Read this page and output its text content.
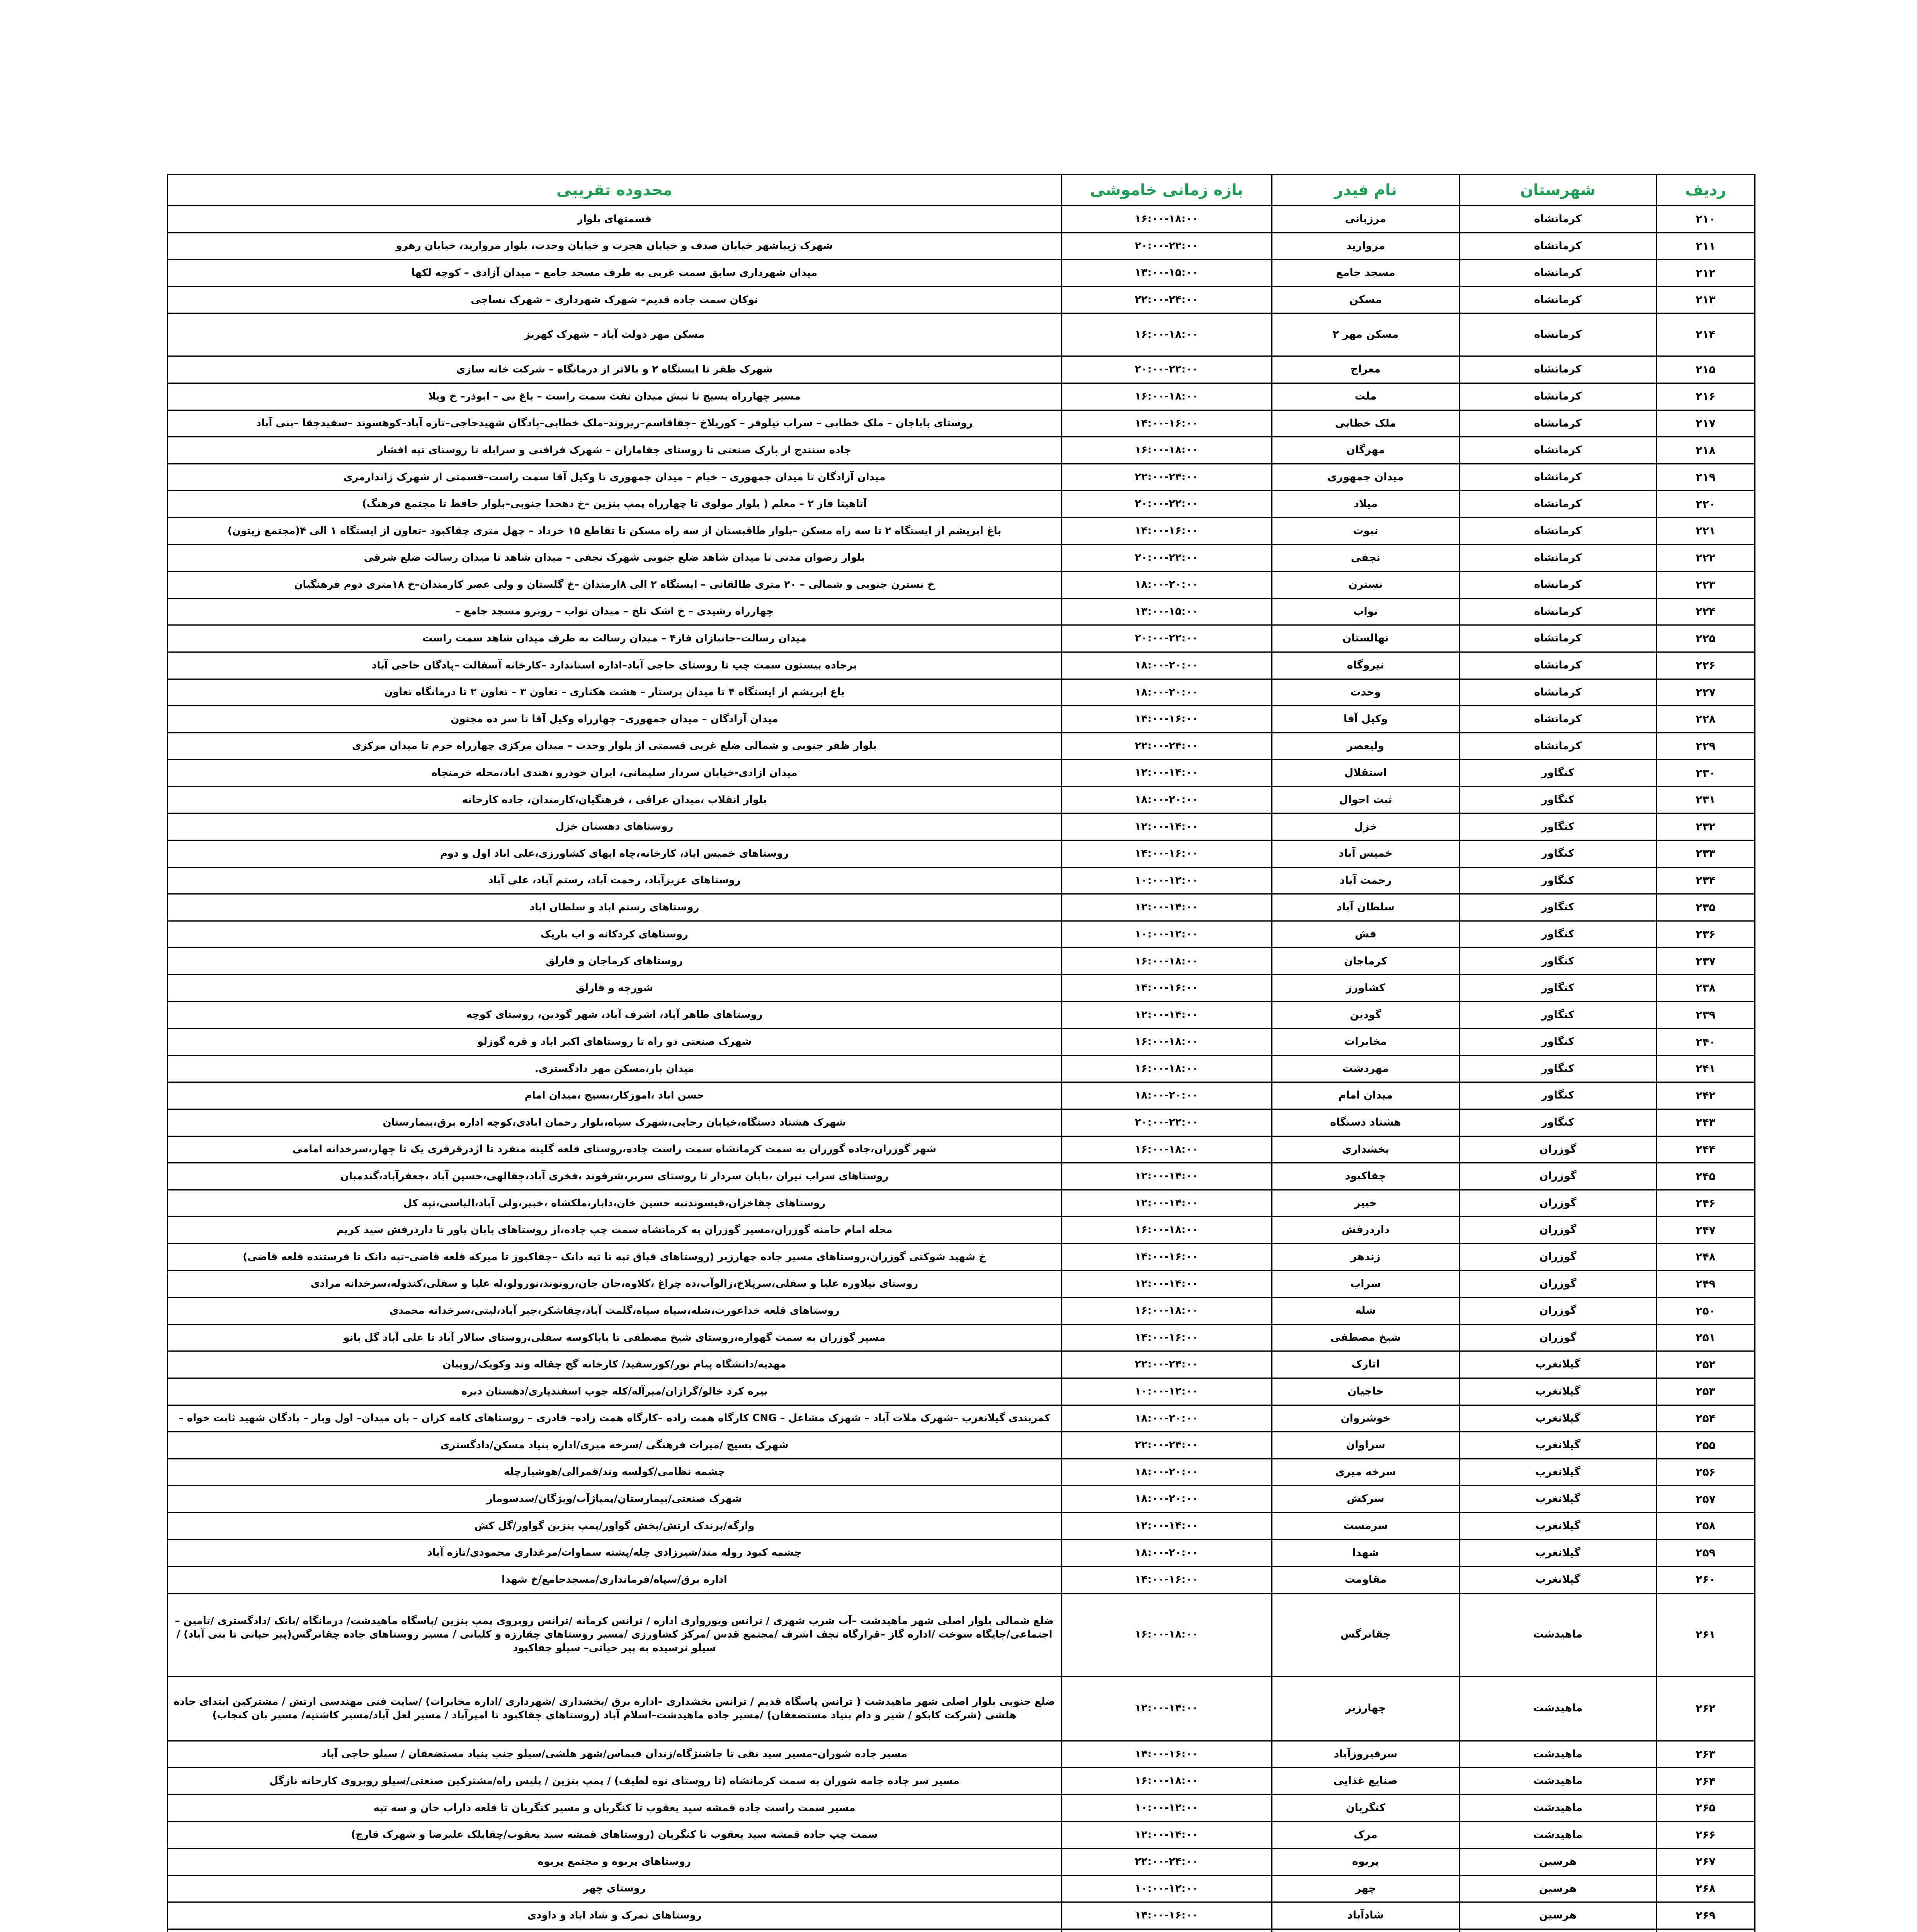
ردیف	شهرستان	نام فیدر	بازه زمانی خاموشی	محدوده تقریبی
۲۱۰	کرمانشاه	مرزبانی	۱۶:۰۰-۱۸:۰۰	قسمتهای بلوار
۲۱۱	کرمانشاه	مروارید	۲۰:۰۰-۲۲:۰۰	شهرک زیباشهر خیابان صدف و خیابان هجرت و خیابان وحدت، بلوار مروارید، خیابان رهرو
۲۱۲	کرمانشاه	مسجد جامع	۱۳:۰۰-۱۵:۰۰	میدان شهرداری سابق سمت غربی به طرف مسجد جامع – میدان آزادی – کوچه لکها
۲۱۳	کرمانشاه	مسکن	۲۲:۰۰-۲۴:۰۰	نوکان سمت جاده قدیم– شهرک شهرداری – شهرک نساجی
۲۱۴	کرمانشاه	مسکن مهر ۲	۱۶:۰۰-۱۸:۰۰	مسکن مهر دولت آباد – شهرک کهریز
۲۱۵	کرمانشاه	معراج	۲۰:۰۰-۲۲:۰۰	شهرک ظفر تا ایستگاه ۲ و بالاتر از درمانگاه – شرکت خانه سازی
۲۱۶	کرمانشاه	ملت	۱۶:۰۰-۱۸:۰۰	مسیر چهارراه بسیج تا نبش میدان نفت سمت راست – باغ نی – ابوذر– خ ویلا
۲۱۷	کرمانشاه	ملک خطابی	۱۴:۰۰-۱۶:۰۰	روستای باباجان – ملک خطابی – سراب نیلوفر – کوریلاخ –چقاقاسم–ریزوند–ملک خطابی–پادگان شهیدحاجی–تازه آباد–کوهسوند –سفیدچقا –بنی آباد
۲۱۸	کرمانشاه	مهرگان	۱۶:۰۰-۱۸:۰۰	جاده سنندج از پارک صنعتی تا روستای چقاماران – شهرک فرافنی و سرابله تا روستای تپه افشار
۲۱۹	کرمانشاه	میدان جمهوری	۲۲:۰۰-۲۴:۰۰	میدان آزادگان تا میدان جمهوری – خیام – میدان جمهوری تا وکیل آقا سمت راست–قسمتی از شهرک ژاندارمری
۲۲۰	کرمانشاه	میلاد	۲۰:۰۰-۲۲:۰۰	آتاهیتا فاز ۲ – معلم ( بلوار مولوی تا چهارراه پمپ بنزین –خ دهخدا جنوبی–بلوار حافظ تا مجتمع فرهنگ)
۲۲۱	کرمانشاه	نبوت	۱۴:۰۰-۱۶:۰۰	باغ ابریشم از ایستگاه ۲ تا سه راه مسکن –بلوار طاقبستان از سه راه مسکن تا تقاطع ۱۵ خرداد – چهل متری چقاکبود –تعاون از ایستگاه ۱ الی ۴(مجتمع زیتون)
۲۲۲	کرمانشاه	نجفی	۲۰:۰۰-۲۲:۰۰	بلوار رضوان مدنی تا میدان شاهد ضلع جنوبی شهرک نجفی – میدان شاهد تا میدان رسالت ضلع شرقی
۲۲۳	کرمانشاه	نسترن	۱۸:۰۰-۲۰:۰۰	خ نسترن جنوبی و شمالی – ۲۰ متری طالقانی – ایستگاه ۲ الی ۸ارمندان –خ گلستان و ولی عصر کارمندان–خ ۱۸متری دوم فرهنگیان
۲۲۴	کرمانشاه	نواب	۱۳:۰۰-۱۵:۰۰	چهارراه رشیدی – خ اشک تلخ – میدان نواب – روبرو مسجد جامع –
۲۲۵	کرمانشاه	نهالستان	۲۰:۰۰-۲۲:۰۰	میدان رسالت–جانبازان فاز۴ – میدان رسالت به طرف میدان شاهد سمت راست
۲۲۶	کرمانشاه	نیروگاه	۱۸:۰۰-۲۰:۰۰	برجاده بیستون سمت چپ تا روستای حاجی آباد–اداره استاندارد –کارخانه آسفالت –پادگان حاجی آباد
۲۲۷	کرمانشاه	وحدت	۱۸:۰۰-۲۰:۰۰	باغ ابریشم از ایستگاه ۴ تا میدان پرستار – هشت هکتاری – تعاون ۳ – تعاون ۲ تا درمانگاه تعاون
۲۲۸	کرمانشاه	وکیل آقا	۱۴:۰۰-۱۶:۰۰	میدان آزادگان – میدان جمهوری– چهارراه وکیل آقا تا سر ده مجنون
۲۲۹	کرمانشاه	ولیعصر	۲۲:۰۰-۲۴:۰۰	بلوار ظفر جنوبی و شمالی ضلع غربی قسمتی از بلوار وحدت – میدان مرکزی چهارراه خرم تا میدان مرکزی
۲۳۰	کنگاور	استقلال	۱۲:۰۰-۱۴:۰۰	میدان ازادی-خیابان سردار سلیمانی، ایران خودرو ،هندی اباد،محله خرمنجاه
۲۳۱	کنگاور	ثبت احوال	۱۸:۰۰-۲۰:۰۰	بلوار انقلاب ،میدان عراقی ، فرهنگیان،کارمندان، جاده کارخانه
۲۳۲	کنگاور	خزل	۱۲:۰۰-۱۴:۰۰	روستاهای دهستان خزل
۲۳۳	کنگاور	خمیس آباد	۱۴:۰۰-۱۶:۰۰	روستاهای خمیس اباد، کارخانه،چاه ابهای کشاورزی،علی اباد اول و دوم
۲۳۴	کنگاور	رحمت آباد	۱۰:۰۰-۱۲:۰۰	روستاهای عزیزآباد، رحمت آباد، رستم آباد، علی آباد
۲۳۵	کنگاور	سلطان آباد	۱۲:۰۰-۱۴:۰۰	روستاهای رستم اباد و سلطان اباد
۲۳۶	کنگاور	فش	۱۰:۰۰-۱۲:۰۰	روستاهای کردکانه و اب باریک
۲۳۷	کنگاور	کرماجان	۱۶:۰۰-۱۸:۰۰	روستاهای کرماجان و قارلق
۲۳۸	کنگاور	کشاورز	۱۴:۰۰-۱۶:۰۰	شورچه و قارلق
۲۳۹	کنگاور	گودین	۱۲:۰۰-۱۴:۰۰	روستاهای طاهر آباد، اشرف آباد، شهر گودین، روستای کوچه
۲۴۰	کنگاور	مخابرات	۱۶:۰۰-۱۸:۰۰	شهرک صنعتی دو راه تا روستاهای اکبر اباد و قره گوزلو
۲۴۱	کنگاور	مهردشت	۱۶:۰۰-۱۸:۰۰	میدان بار،مسکن مهر دادگستری.
۲۴۲	کنگاور	میدان امام	۱۸:۰۰-۲۰:۰۰	حسن اباد ،اموزکار،بسیج ،میدان امام
۲۴۳	کنگاور	هشتاد دستگاه	۲۰:۰۰-۲۲:۰۰	شهرک هشتاد دستگاه،خیابان رجایی،شهرک سپاه،بلوار رحمان ابادی،کوچه اداره برق،بیمارستان
۲۴۴	گوزران	بخشداری	۱۶:۰۰-۱۸:۰۰	شهر گوزران،جاده گوزران به سمت کرمانشاه سمت راست جاده،روستای قلعه گلینه منفرد تا اژدرقرقری یک تا چهار،سرخدانه امامی
۲۴۵	گوزران	چقاکبود	۱۲:۰۰-۱۴:۰۰	روستاهای سراب نیران ،بابان سردار تا روستای سربر،شرفوند ،فخری آباد،چقالهی،حسین آباد ،جعفرآباد،گندمبان
۲۴۶	گوزران	خبیر	۱۲:۰۰-۱۴:۰۰	روستاهای چقاخزان،قیسوندنبه حسین خان،دابار،ملکشاه ،خبیر،ولی آباد،الیاسی،تپه کل
۲۴۷	گوزران	داردرفش	۱۶:۰۰-۱۸:۰۰	محله امام خامنه گوزران،مسیر گوزران به کرمانشاه سمت چپ جاده،از روستاهای بابان یاور تا داردرفش سید کریم
۲۴۸	گوزران	زندهر	۱۴:۰۰-۱۶:۰۰	خ شهید شوکتی گوزران،روستاهای مسیر جاده چهارزبر (روستاهای قباق تپه تا تپه دانک –چقاکبوز تا میرکه قلعه قاضی–تپه دانک تا فرستنده قلعه قاضی)
۲۴۹	گوزران	سراب	۱۲:۰۰-۱۴:۰۰	روستای نیلاوره علیا و سفلی،سرپلاخ،زالوآب،ده چراغ ،کلاوه،جان جان،رونوند،نورولو،له علیا و سفلی،کندوله،سرخدانه مرادی
۲۵۰	گوزران	شله	۱۶:۰۰-۱۸:۰۰	روستاهای قلعه خداعورت،شله،سیاه سیاه،گلمت آباد،چقاشکر،جبر آباد،لیتی،سرخدانه محمدی
۲۵۱	گوزران	شیخ مصطفی	۱۴:۰۰-۱۶:۰۰	مسیر گوزران به سمت گهواره،روستای شیخ مصطفی تا باباکوسه سفلی،روستای سالار آباد تا علی آباد گل بانو
۲۵۲	گیلانغرب	اتارک	۲۲:۰۰-۲۴:۰۰	مهدیه/دانشگاه پیام نور/کورسفید/ کارخانه گچ چقاله وند وکویک/رویبان
۲۵۳	گیلانغرب	حاجیان	۱۰:۰۰-۱۲:۰۰	بیره کرد خالو/گرازان/میرآله/کله جوب اسفندیاری/دهستان دیره
۲۵۴	گیلانغرب	خوشروان	۱۸:۰۰-۲۰:۰۰	کمربندی گیلانغرب –شهرک ملات آباد – شهرک مشاغل – CNG کارگاه همت زاده –کارگاه همت زاده– قادری – روستاهای کامه کران – بان میدان– اول وبار – پادگان شهید ثابت خواه –
۲۵۵	گیلانغرب	سراوان	۲۲:۰۰-۲۴:۰۰	شهرک بسیج /میراث فرهنگی /سرخه میری/اداره بنیاد مسکن/دادگستری
۲۵۶	گیلانغرب	سرخه میری	۱۸:۰۰-۲۰:۰۰	چشمه نظامی/کولسه وند/قمرالی/هوشیارچله
۲۵۷	گیلانغرب	سرکش	۱۸:۰۰-۲۰:۰۰	شهرک صنعتی/بیمارستان/پمپاژآب/ویژگان/سدسومار
۲۵۸	گیلانغرب	سرمست	۱۲:۰۰-۱۴:۰۰	وارگه/برندک ارتش/بخش گواور/پمپ بنزین گواور/گل کش
۲۵۹	گیلانغرب	شهدا	۱۸:۰۰-۲۰:۰۰	چشمه کبود روله مند/شیرزادی چله/پشته سماوات/مرغداری محمودی/تازه آباد
۲۶۰	گیلانغرب	مقاومت	۱۴:۰۰-۱۶:۰۰	اداره برق/سپاه/فرمانداری/مسجدجامع/خ شهدا
۲۶۱	ماهیدشت	چقانرگس	۱۶:۰۰-۱۸:۰۰	ضلع شمالی بلوار اصلی شهر ماهیدشت –آب شرب شهری / ترانس ویورواری اداره / ترانس کرمانه /ترانس روبروی پمپ بنزین /پاسگاه ماهیدشت/ درمانگاه /بانک /دادگستری /تامین – اجتماعی/جایگاه سوخت /اداره گاز –قرارگاه نجف اشرف /مجتمع قدس /مرکز کشاورزی /مسیر روستاهای چقارزه و کلیانی / مسیر روستاهای جاده چقانرگس(پیر حیاتی تا بنی آباد) /سیلو نرسیده به پیر حیاتی– سیلو چقاکبود
۲۶۲	ماهیدشت	چهارزبر	۱۲:۰۰-۱۴:۰۰	ضلع جنوبی بلوار اصلی شهر ماهیدشت ( ترانس پاسگاه قدیم / ترانس بخشداری –اداره برق /بخشداری /شهرداری /اداره مخابرات) /سایت فنی مهندسی ارتش / مشترکین ابتدای جاده هلشی (شرکت کابکو / شیر و دام بنیاد مستضعفان) /مسیر جاده ماهیدشت–اسلام آباد (روستاهای چقاکبود تا امیرآباد / مسیر لعل آباد/مسیر کاشتیه/ مسیر بان کنجاب)
۲۶۳	ماهیدشت	سرفیروزآباد	۱۴:۰۰-۱۶:۰۰	مسیر جاده شوران–مسیر سید نقی تا جاشنژگاه/زندان قبماس/شهر هلشی/سیلو جنب بنیاد مستضعفان / سیلو حاجی آباد
۲۶۴	ماهیدشت	صنایع غذایی	۱۶:۰۰-۱۸:۰۰	مسیر سر جاده جامه شوران به سمت کرمانشاه (تا روستای نوه لطیف) / پمپ بنزین / پلیس راه/مشترکین صنعتی/سیلو روبروی کارخانه نازگل
۲۶۵	ماهیدشت	کنگربان	۱۰:۰۰-۱۲:۰۰	مسیر سمت راست جاده قمشه سید یعقوب تا کنگربان و مسیر کنگربان تا قلعه داراب خان و سه تپه
۲۶۶	ماهیدشت	مرک	۱۲:۰۰-۱۴:۰۰	سمت چپ جاده قمشه سید یعقوب تا کنگربان (روستاهای قمشه سید یعقوب/چقابلک علیرضا و شهرک قارچ)
۲۶۷	هرسین	پربوه	۲۲:۰۰-۲۴:۰۰	روستاهای پربوه و مجتمع پربوه
۲۶۸	هرسین	چهر	۱۰:۰۰-۱۲:۰۰	روستای چهر
۲۶۹	هرسین	شادآباد	۱۴:۰۰-۱۶:۰۰	روستاهای نمرک و شاد اباد و داودی
